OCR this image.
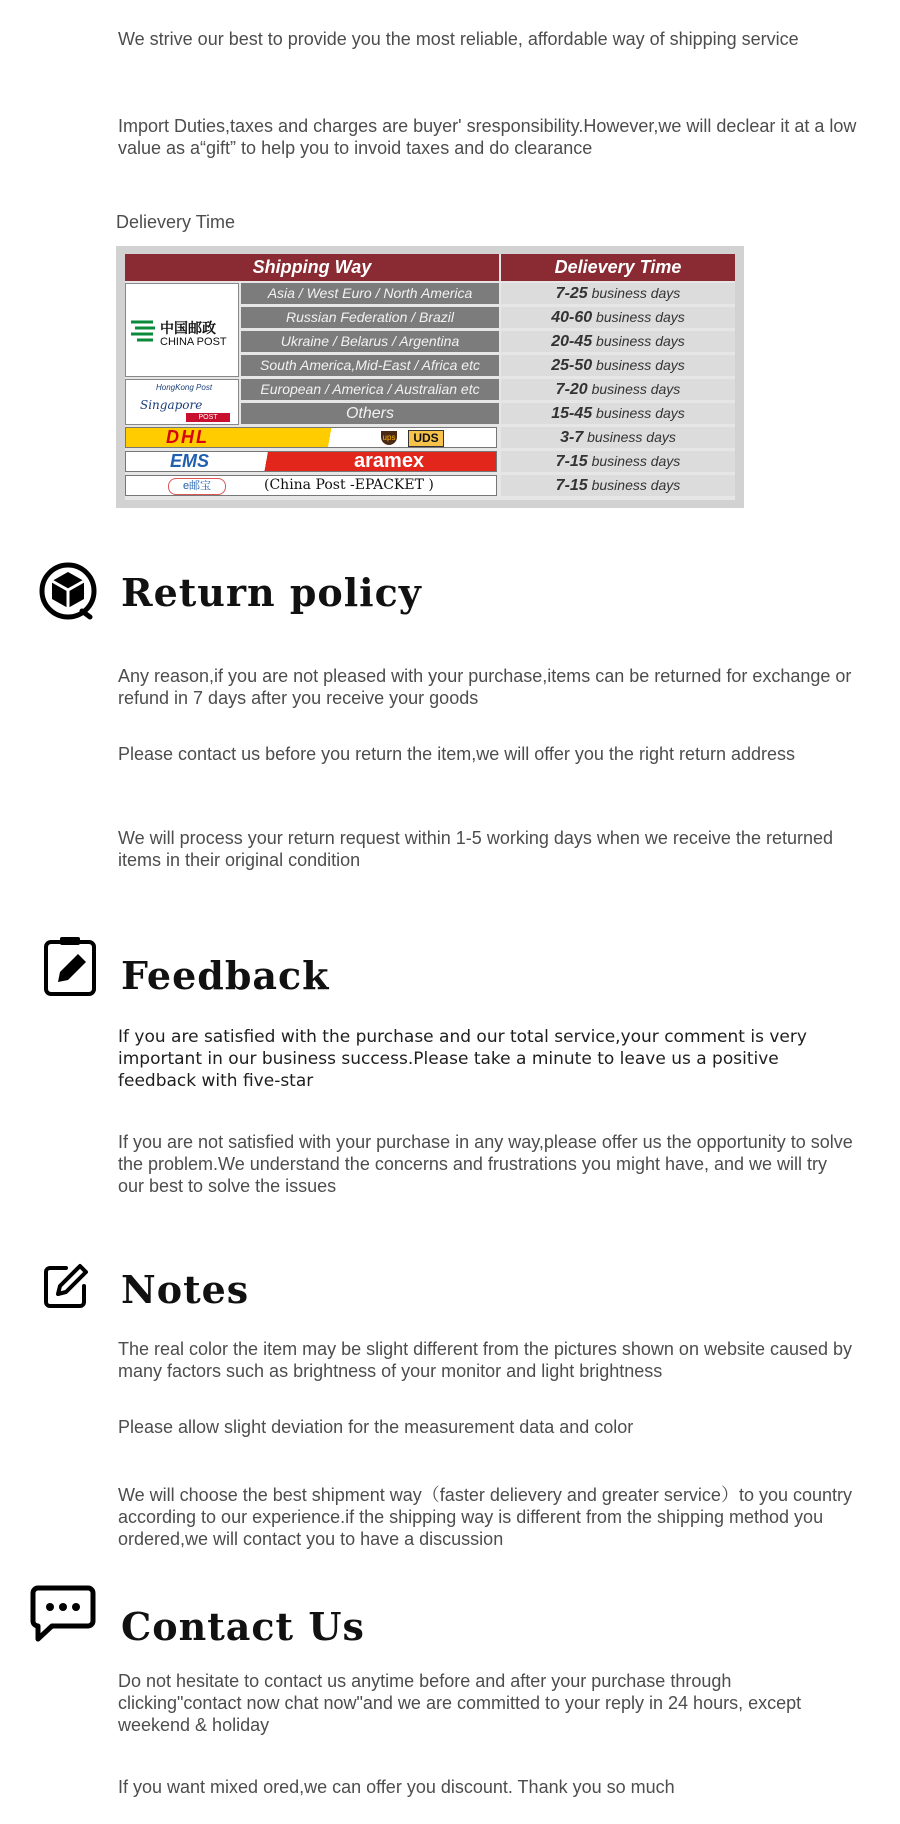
We strive our best to provide you the most reliable, affordable way of shipping service
Import Duties,taxes and charges are buyer' sresponsibility.However,we will declear it at a low value as a“gift” to help you to invoid taxes and do clearance
Delievery Time
Shipping Way	Delievery Time
中国邮政
CHINA POST
HongKong Post
Singapore
POST
Asia / West Euro / North America	7-25 business days
Russian Federation / Brazil	40-60 business days
Ukraine / Belarus / Argentina	20-45 business days
South America,Mid-East / Africa etc	25-50 business days
European / America / Australian etc	7-20 business days
Others	15-45 business days
DHL	ups	UDS	3-7 business days
EMS	aramex	7-15 business days
e邮宝	(China Post -EPACKET )	7-15 business days
Return policy
Any reason,if you are not pleased with your purchase,items can be returned for exchange or refund in 7 days after you receive your goods
Please contact us before you return the item,we will offer you the right return address
We will process your return request within 1-5 working days when we receive the returned items in their original condition
Feedback
If you are satisfied with the purchase and our total service,your comment is very important in our business success.Please take a minute to leave us a positive feedback with five-star
If you are not satisfied with your purchase in any way,please offer us the opportunity to solve the problem.We understand the concerns and frustrations you might have, and we will try our best to solve the issues
Notes
The real color the item may be slight different from the pictures shown on website caused by many factors such as brightness of your monitor and light brightness
Please allow slight deviation for the measurement data and color
We will choose the best shipment way（faster delievery and greater service）to you country according to our experience.if the shipping way is different from the shipping method you ordered,we will contact you to have a discussion
Contact Us
Do not hesitate to contact us anytime before and after your purchase through clicking"contact now chat now"and we are committed to your reply in 24 hours, except weekend & holiday
If you want mixed ored,we can offer you discount. Thank you so much
